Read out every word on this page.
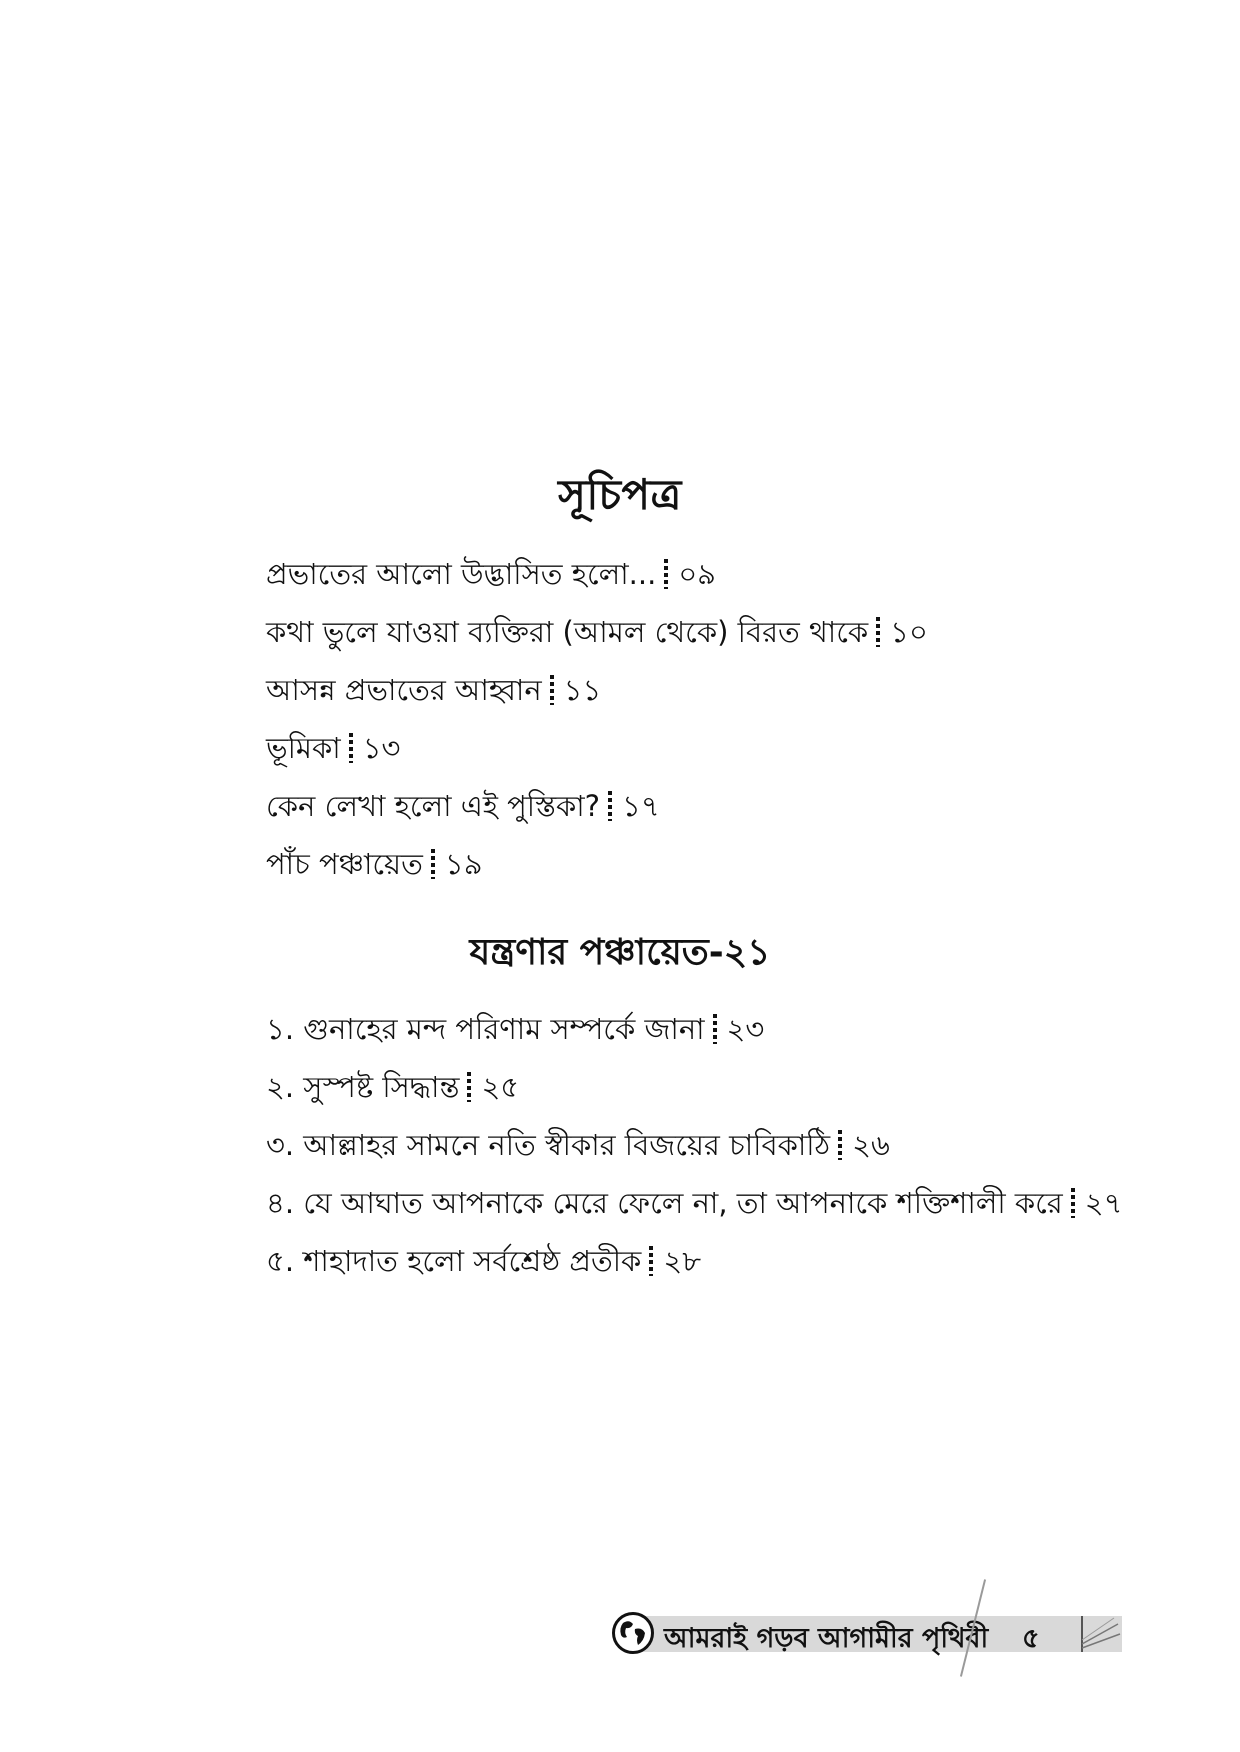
সূচিপত্র
প্রভাতের আলো উদ্ভাসিত হলো... ০৯
কথা ভুলে যাওয়া ব্যক্তিরা (আমল থেকে) বিরত থাকে ১০
আসন্ন প্রভাতের আহ্বান ১১
ভূমিকা ১৩
কেন লেখা হলো এই পুস্তিকা? ১৭
পাঁচ পঞ্চায়েত ১৯
যন্ত্রণার পঞ্চায়েত-২১
১. গুনাহের মন্দ পরিণাম সম্পর্কে জানা ২৩
২. সুস্পষ্ট সিদ্ধান্ত ২৫
৩. আল্লাহর সামনে নতি স্বীকার বিজয়ের চাবিকাঠি ২৬
৪. যে আঘাত আপনাকে মেরে ফেলে না, তা আপনাকে শক্তিশালী করে ২৭
৫. শাহাদাত হলো সর্বশ্রেষ্ঠ প্রতীক ২৮
আমরাই গড়ব আগামীর পৃথিবী ৫
